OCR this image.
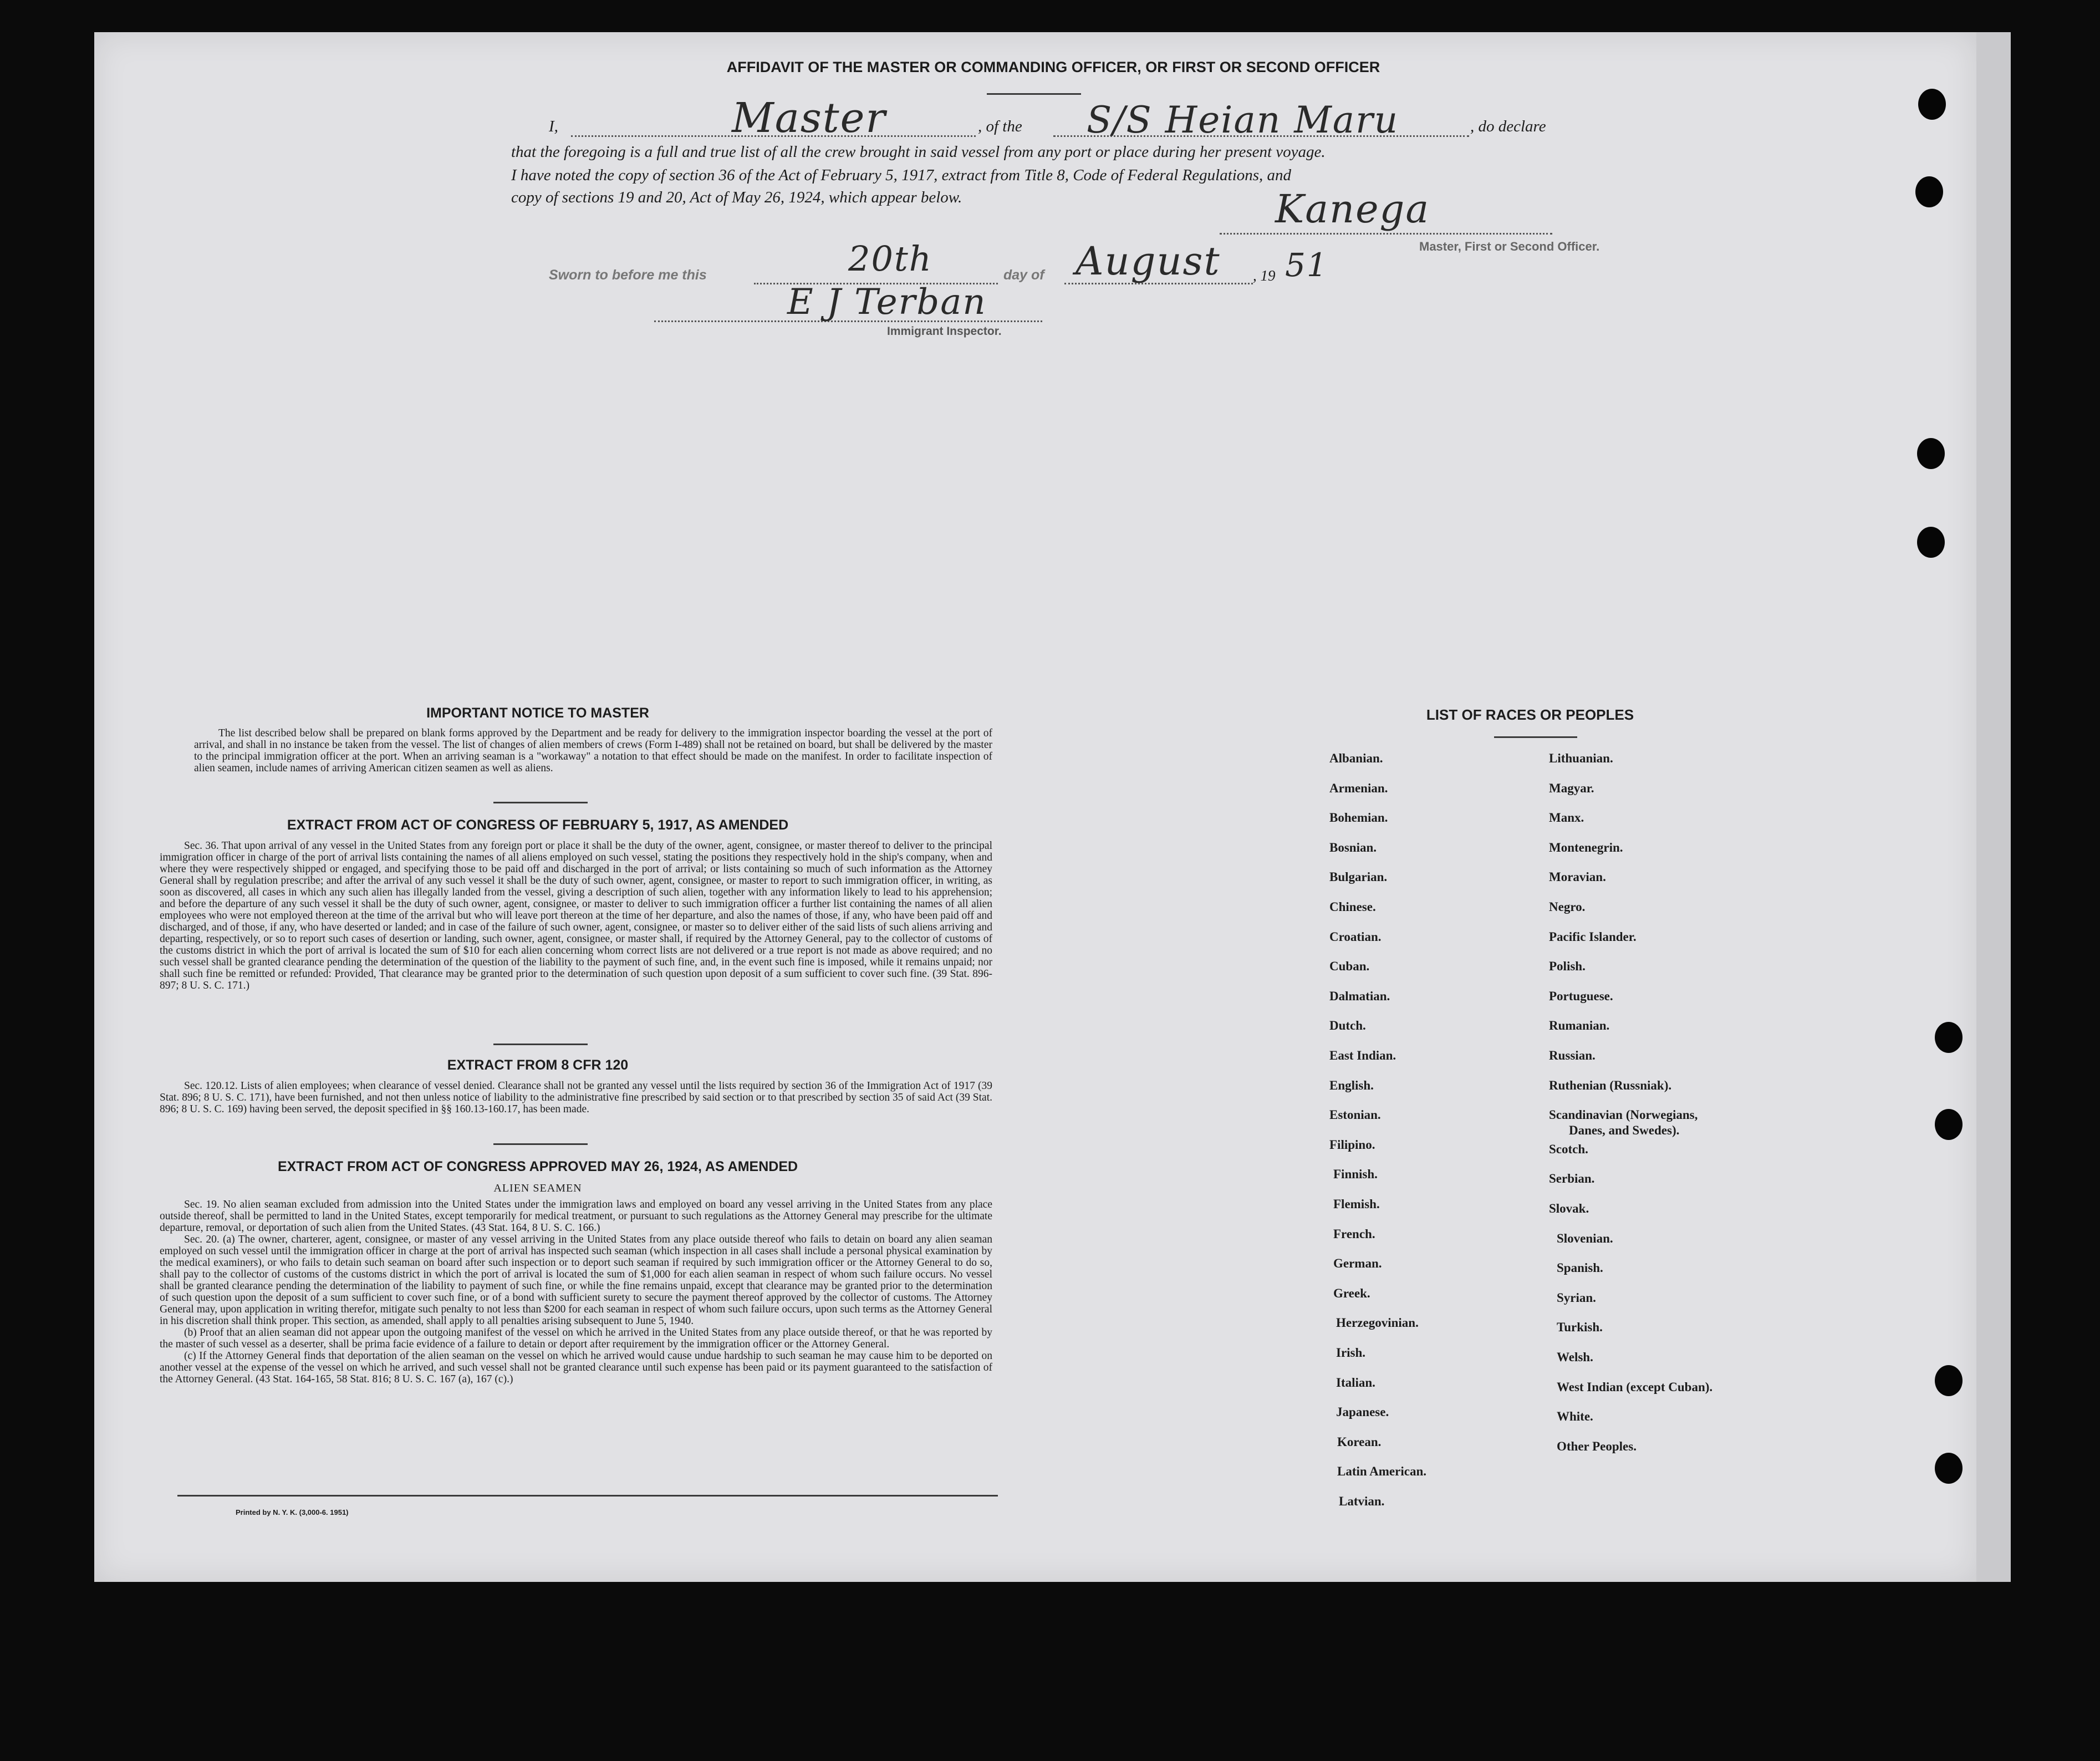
AFFIDAVIT OF THE MASTER OR COMMANDING OFFICER, OR FIRST OR SECOND OFFICER
I,	Master	, of the S/S Heian Maru	, do declare
that the foregoing is a full and true list of all the crew brought in said vessel from any port or place during her present voyage.
I have noted the copy of section 36 of the Act of February 5, 1917, extract from Title 8, Code of Federal Regulations, and
copy of sections 19 and 20, Act of May 26, 1924, which appear below.	Kanega
Master, First or Second Officer.
Sworn to before me this	20th	day of August , 19 51
E J Terban
Immigrant Inspector.
IMPORTANT NOTICE TO MASTER

The list described below shall be prepared on blank forms approved by the Department and be ready for delivery to the immigration inspector boarding the vessel at the port of arrival, and shall in no instance be taken from the vessel. The list of changes of alien members of crews (Form I-489) shall not be retained on board, but shall be delivered by the master to the principal immigration officer at the port. When an arriving seaman is a "workaway" a notation to that effect should be made on the manifest. In order to facilitate inspection of alien seamen, include names of arriving American citizen seamen as well as aliens.

EXTRACT FROM ACT OF CONGRESS OF FEBRUARY 5, 1917, AS AMENDED

Sec. 36. That upon arrival of any vessel in the United States from any foreign port or place it shall be the duty of the owner, agent, consignee, or master thereof to deliver to the principal immigration officer in charge of the port of arrival lists containing the names of all aliens employed on such vessel, stating the positions they respectively hold in the ship's company, when and where they were respectively shipped or engaged, and specifying those to be paid off and discharged in the port of arrival; or lists containing so much of such information as the Attorney General shall by regulation prescribe; and after the arrival of any such vessel it shall be the duty of such owner, agent, consignee, or master to report to such immigration officer, in writing, as soon as discovered, all cases in which any such alien has illegally landed from the vessel, giving a description of such alien, together with any information likely to lead to his apprehension; and before the departure of any such vessel it shall be the duty of such owner, agent, consignee, or master to deliver to such immigration officer a further list containing the names of all alien employees who were not employed thereon at the time of the arrival but who will leave port thereon at the time of her departure, and also the names of those, if any, who have been paid off and discharged, and of those, if any, who have deserted or landed; and in case of the failure of such owner, agent, consignee, or master so to deliver either of the said lists of such aliens arriving and departing, respectively, or so to report such cases of desertion or landing, such owner, agent, consignee, or master shall, if required by the Attorney General, pay to the collector of customs of the customs district in which the port of arrival is located the sum of $10 for each alien concerning whom correct lists are not delivered or a true report is not made as above required; and no such vessel shall be granted clearance pending the determination of the question of the liability to the payment of such fine, and, in the event such fine is imposed, while it remains unpaid; nor shall such fine be remitted or refunded: Provided, That clearance may be granted prior to the determination of such question upon deposit of a sum sufficient to cover such fine. (39 Stat. 896-897; 8 U. S. C. 171.)

EXTRACT FROM 8 CFR 120

Sec. 120.12. Lists of alien employees; when clearance of vessel denied. Clearance shall not be granted any vessel until the lists required by section 36 of the Immigration Act of 1917 (39 Stat. 896; 8 U. S. C. 171), have been furnished, and not then unless notice of liability to the administrative fine prescribed by said section or to that prescribed by section 35 of said Act (39 Stat. 896; 8 U. S. C. 169) having been served, the deposit specified in §§ 160.13-160.17, has been made.

EXTRACT FROM ACT OF CONGRESS APPROVED MAY 26, 1924, AS AMENDED
ALIEN SEAMEN

Sec. 19. No alien seaman excluded from admission into the United States under the immigration laws and employed on board any vessel arriving in the United States from any place outside thereof, shall be permitted to land in the United States, except temporarily for medical treatment, or pursuant to such regulations as the Attorney General may prescribe for the ultimate departure, removal, or deportation of such alien from the United States. (43 Stat. 164, 8 U. S. C. 166.)

Sec. 20. (a) The owner, charterer, agent, consignee, or master of any vessel arriving in the United States from any place outside thereof who fails to detain on board any alien seaman employed on such vessel until the immigration officer in charge at the port of arrival has inspected such seaman (which inspection in all cases shall include a personal physical examination by the medical examiners), or who fails to detain such seaman on board after such inspection or to deport such seaman if required by such immigration officer or the Attorney General to do so, shall pay to the collector of customs of the customs district in which the port of arrival is located the sum of $1,000 for each alien seaman in respect of whom such failure occurs. No vessel shall be granted clearance pending the determination of the liability to payment of such fine, or while the fine remains unpaid, except that clearance may be granted prior to the determination of such question upon the deposit of a sum sufficient to cover such fine, or of a bond with sufficient surety to secure the payment thereof approved by the collector of customs. The Attorney General may, upon application in writing therefor, mitigate such penalty to not less than $200 for each seaman in respect of whom such failure occurs, upon such terms as the Attorney General in his discretion shall think proper. This section, as amended, shall apply to all penalties arising subsequent to June 5, 1940.

(b) Proof that an alien seaman did not appear upon the outgoing manifest of the vessel on which he arrived in the United States from any place outside thereof, or that he was reported by the master of such vessel as a deserter, shall be prima facie evidence of a failure to detain or deport after requirement by the immigration officer or the Attorney General.

(c) If the Attorney General finds that deportation of the alien seaman on the vessel on which he arrived would cause undue hardship to such seaman he may cause him to be deported on another vessel at the expense of the vessel on which he arrived, and such vessel shall not be granted clearance until such expense has been paid or its payment guaranteed to the satisfaction of the Attorney General. (43 Stat. 164-165, 58 Stat. 816; 8 U. S. C. 167 (a), 167 (c).)

Printed by N. Y. K. (3,000-6. 1951)
LIST OF RACES OR PEOPLES
Albanian.
Armenian.
Bohemian.
Bosnian.
Bulgarian.
Chinese.
Croatian.
Cuban.
Dalmatian.
Dutch.
East Indian.
English.
Estonian.
Filipino.
Finnish.
Flemish.
French.
German.
Greek.
Herzegovinian.
Irish.
Italian.
Japanese.
Korean.
Latin American.
Latvian.
Lithuanian.
Magyar.
Manx.
Montenegrin.
Moravian.
Negro.
Pacific Islander.
Polish.
Portuguese.
Rumanian.
Russian.
Ruthenian (Russniak).
Scandinavian (Norwegians,
Danes, and Swedes).
Scotch.
Serbian.
Slovak.
Slovenian.
Spanish.
Syrian.
Turkish.
Welsh.
West Indian (except Cuban).
White.
Other Peoples.
